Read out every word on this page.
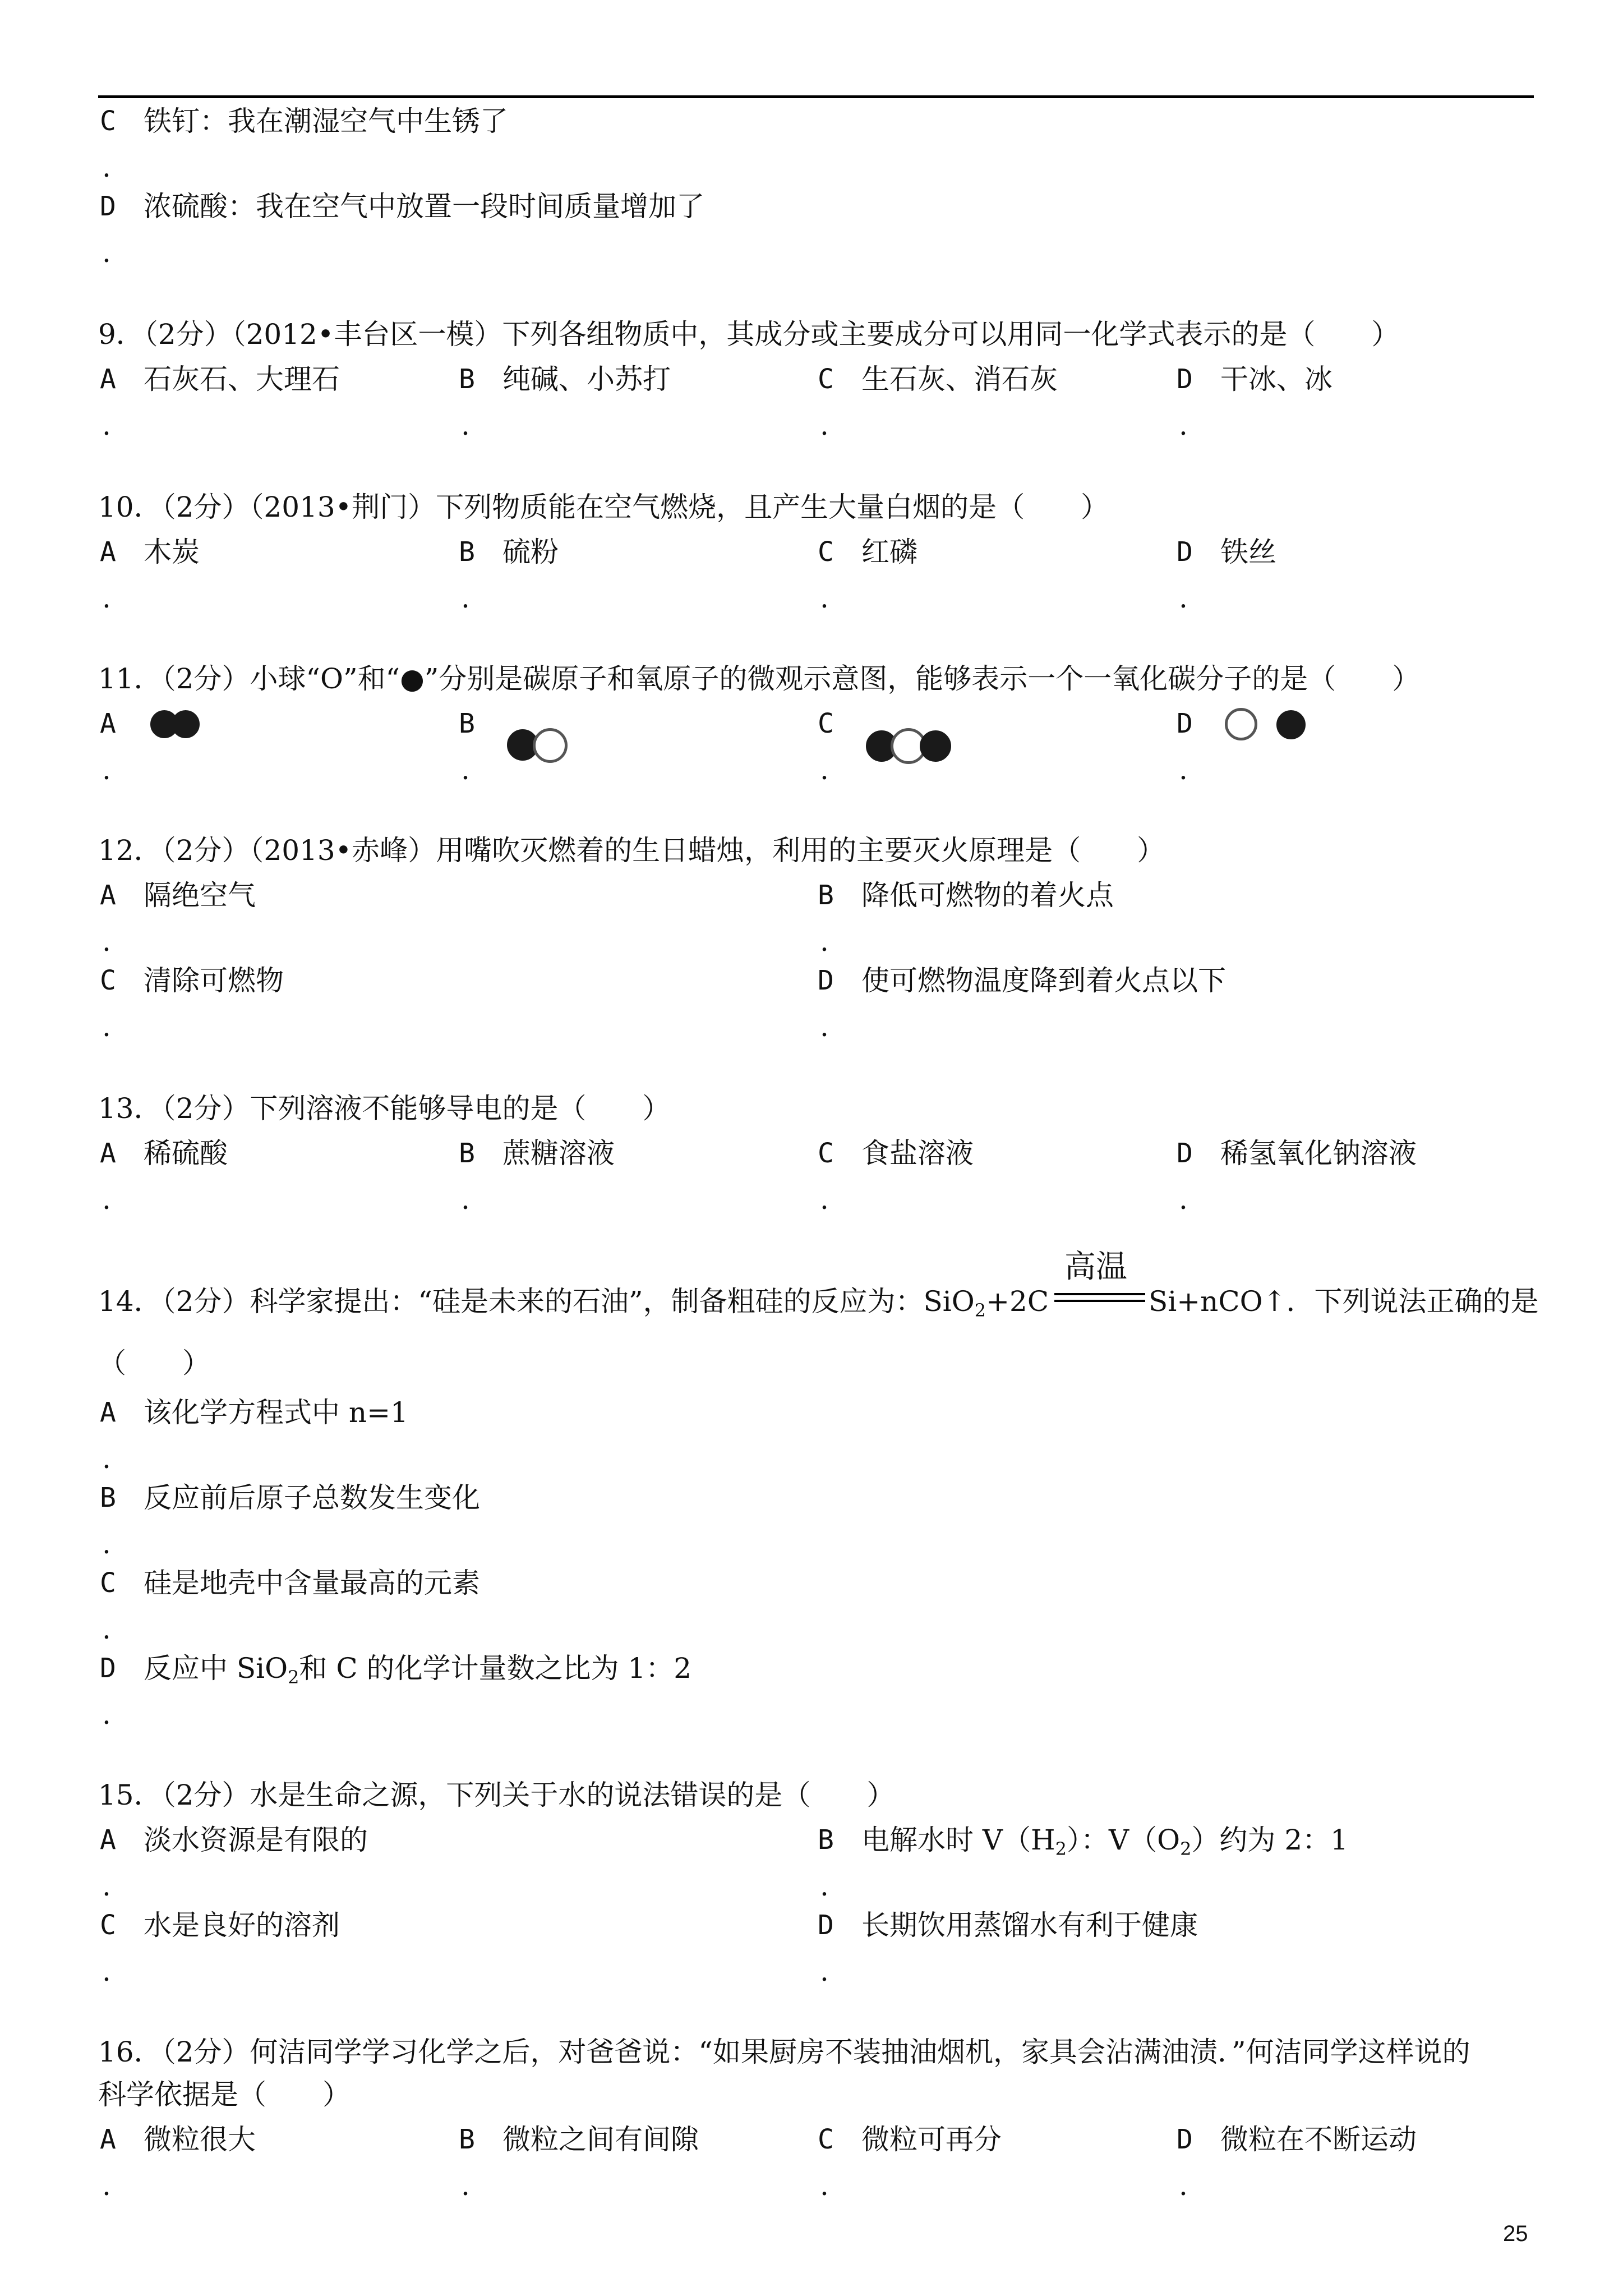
C 铁钉：我在潮湿空气中生锈了
.
D 浓硫酸：我在空气中放置一段时间质量增加了
.
9．（2分）（2012•丰台区一模）下列各组物质中，其成分或主要成分可以用同一化学式表示的是（　　）
A 石灰石、大理石
.
B 纯碱、小苏打
.
C 生石灰、消石灰
.
D 干冰、冰
.
10．（2分）（2013•荆门）下列物质能在空气燃烧，且产生大量白烟的是（　　）
A 木炭
.
B 硫粉
.
C 红磷
.
D 铁丝
.
11．（2分）小球“O”和“●”分别是碳原子和氧原子的微观示意图，能够表示一个一氧化碳分子的是（　　）
A
.
B
.
C
.
D
.
12．（2分）（2013•赤峰）用嘴吹灭燃着的生日蜡烛，利用的主要灭火原理是（　　）
A 隔绝空气
.
B 降低可燃物的着火点
.
C 清除可燃物
.
D 使可燃物温度降到着火点以下
.
13．（2分）下列溶液不能够导电的是（　　）
A 稀硫酸
.
B 蔗糖溶液
.
C 食盐溶液
.
D 稀氢氧化钠溶液
.
14．（2分）科学家提出：“硅是未来的石油”，制备粗硅的反应为：SiO$_2$+2C
高温
Si+nCO↑．下列说法正确的是
（　　）
A 该化学方程式中 n=1
.
B 反应前后原子总数发生变化
.
C 硅是地壳中含量最高的元素
.
D 反应中 SiO$_2$和 C 的化学计量数之比为 1：2
.
15．（2分）水是生命之源，下列关于水的说法错误的是（　　）
A 淡水资源是有限的
.
B 电解水时 $V(H_2)$：$V(O_2)$约为 2：1
.
C 水是良好的溶剂
.
D 长期饮用蒸馏水有利于健康
.
16．（2分）何洁同学学习化学之后，对爸爸说：“如果厨房不装抽油烟机，家具会沾满油渍．”何洁同学这样说的
科学依据是（　　）
A 微粒很大
.
B 微粒之间有间隙
.
C 微粒可再分
.
D 微粒在不断运动
.
25
